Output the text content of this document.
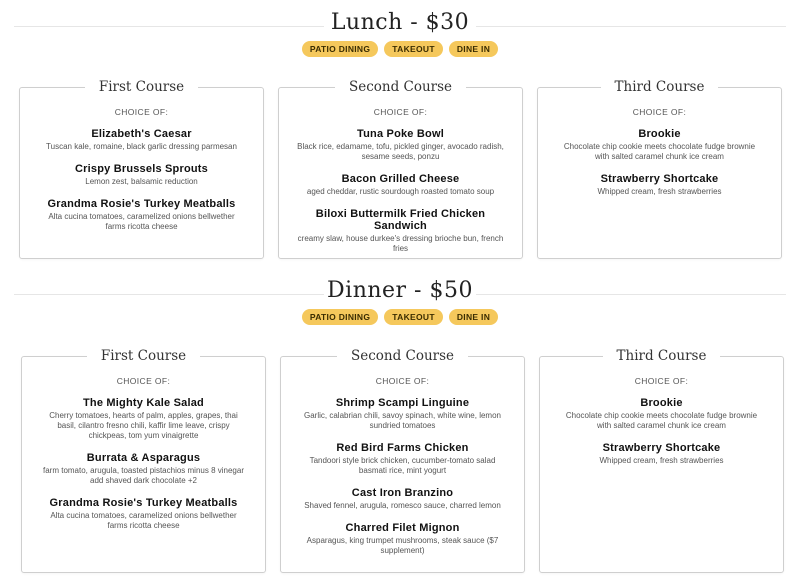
Lunch - $30
PATIO DINING	TAKEOUT	DINE IN
First Course
CHOICE OF:
Elizabeth's Caesar
Tuscan kale, romaine, black garlic dressing parmesan
Crispy Brussels Sprouts
Lemon zest, balsamic reduction
Grandma Rosie's Turkey Meatballs
Alta cucina tomatoes, caramelized onions bellwether farms ricotta cheese
Second Course
CHOICE OF:
Tuna Poke Bowl
Black rice, edamame, tofu, pickled ginger, avocado radish, sesame seeds, ponzu
Bacon Grilled Cheese
aged cheddar, rustic sourdough roasted tomato soup
Biloxi Buttermilk Fried Chicken Sandwich
creamy slaw, house durkee's dressing brioche bun, french fries
Third Course
CHOICE OF:
Brookie
Chocolate chip cookie meets chocolate fudge brownie with salted caramel chunk ice cream
Strawberry Shortcake
Whipped cream, fresh strawberries
Dinner - $50
PATIO DINING	TAKEOUT	DINE IN
First Course
CHOICE OF:
The Mighty Kale Salad
Cherry tomatoes, hearts of palm, apples, grapes, thai basil, cilantro fresno chili, kaffir lime leave, crispy chickpeas, tom yum vinaigrette
Burrata & Asparagus
farm tomato, arugula, toasted pistachios minus 8 vinegar add shaved dark chocolate +2
Grandma Rosie's Turkey Meatballs
Alta cucina tomatoes, caramelized onions bellwether farms ricotta cheese
Second Course
CHOICE OF:
Shrimp Scampi Linguine
Garlic, calabrian chili, savoy spinach, white wine, lemon sundried tomatoes
Red Bird Farms Chicken
Tandoori style brick chicken, cucumber-tomato salad basmati rice, mint yogurt
Cast Iron Branzino
Shaved fennel, arugula, romesco sauce, charred lemon
Charred Filet Mignon
Asparagus, king trumpet mushrooms, steak sauce ($7 supplement)
Third Course
CHOICE OF:
Brookie
Chocolate chip cookie meets chocolate fudge brownie with salted caramel chunk ice cream
Strawberry Shortcake
Whipped cream, fresh strawberries
